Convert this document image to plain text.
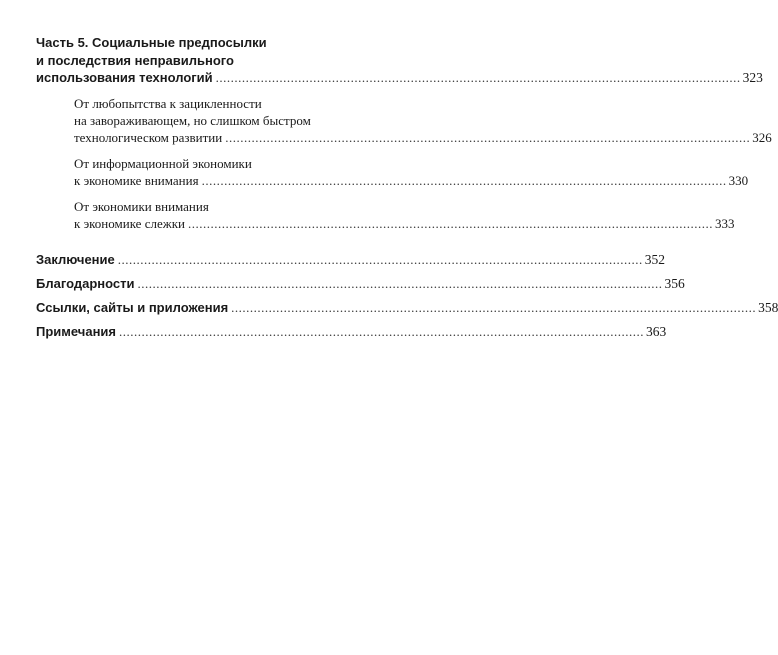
Часть 5. Социальные предпосылки
и последствия неправильного
использования технологий ............................................................................................................................................ 323
От любопытства к зацикленности
на завораживающем, но слишком быстром
технологическом развитии ............................................................................................................................................ 326
От информационной экономики
к экономике внимания ............................................................................................................................................ 330
От экономики внимания
к экономике слежки ............................................................................................................................................ 333
Заключение ............................................................................................................................................ 352
Благодарности ............................................................................................................................................ 356
Ссылки, сайты и приложения ............................................................................................................................................ 358
Примечания ............................................................................................................................................ 363
